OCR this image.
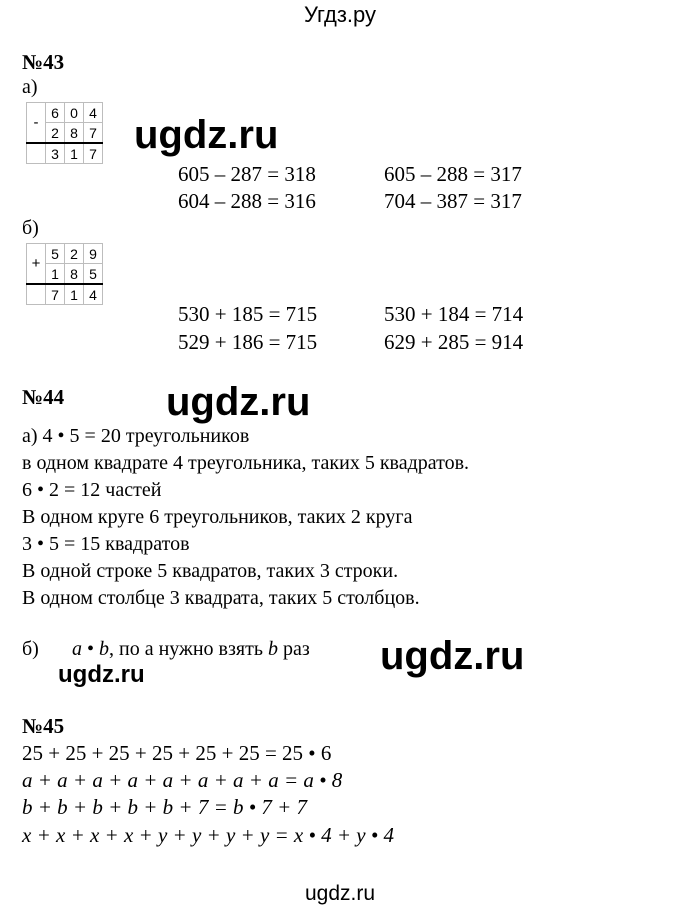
Угдз.ру
№43
а)
-	6	0	4
	2	8	7
	3	1	7 ugdz.ru
605 – 287 = 318	605 – 288 = 317
604 – 288 = 316	704 – 387 = 317
б)
+	5	2	9
	1	8	5
	7	1	4
530 + 185 = 715	530 + 184 = 714
529 + 186 = 715	629 + 285 = 914
№44	ugdz.ru
а) 4 • 5 = 20 треугольников
в одном квадрате 4 треугольника, таких 5 квадратов.
6 • 2 = 12 частей
В одном круге 6 треугольников, таких 2 круга
3 • 5 = 15 квадратов
В одной строке 5 квадратов, таких 3 строки.
В одном столбце 3 квадрата, таких 5 столбцов.
б) a • b, по а нужно взять b раз ugdz.ru
ugdz.ru
№45
25 + 25 + 25 + 25 + 25 + 25 = 25 • 6
a + a + a + a + a + a + a + a = a • 8
b + b + b + b + b + 7 = b • 7 + 7
x + x + x + x + y + y + y + y = x • 4 + y • 4
ugdz.ru
